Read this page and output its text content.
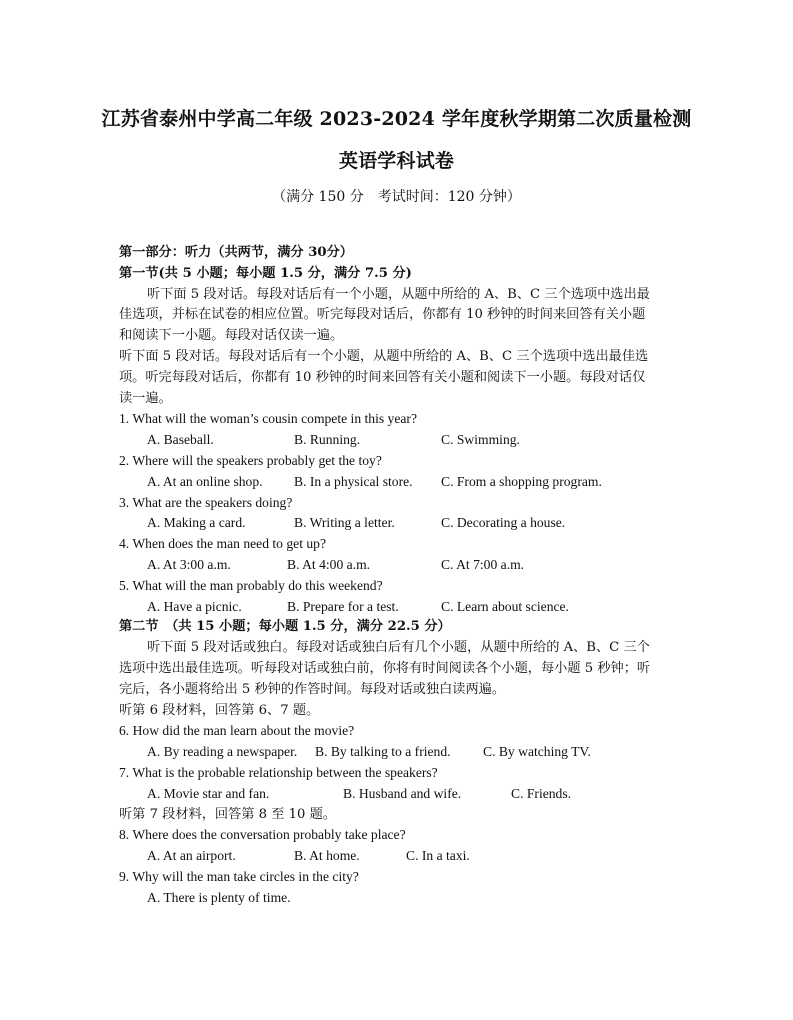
江苏省泰州中学高二年级 2023-2024 学年度秋学期第二次质量检测
英语学科试卷
（满分 150 分　考试时间：120 分钟）
第一部分：听力（共两节，满分 30分）
第一节(共 5 小题；每小题 1.5 分，满分 7.5 分)
听下面 5 段对话。每段对话后有一个小题，从题中所给的 A、B、C 三个选项中选出最
佳选项，并标在试卷的相应位置。听完每段对话后，你都有 10 秒钟的时间来回答有关小题
和阅读下一小题。每段对话仅读一遍。
听下面 5 段对话。每段对话后有一个小题，从题中所给的 A、B、C 三个选项中选出最佳选
项。听完每段对话后，你都有 10 秒钟的时间来回答有关小题和阅读下一小题。每段对话仅
读一遍。
1. What will the woman’s cousin compete in this year?
A. Baseball.	B. Running.	C. Swimming.
2. Where will the speakers probably get the toy?
A. At an online shop. B. In a physical store. C. From a shopping program.
3. What are the speakers doing?
A. Making a card.	B. Writing a letter.	C. Decorating a house.
4. When does the man need to get up?
A. At 3:00 a.m.	B. At 4:00 a.m.	C. At 7:00 a.m.
5. What will the man probably do this weekend?
A. Have a picnic.	B. Prepare for a test.	C. Learn about science.
第二节　（共 15 小题；每小题 1.5 分，满分 22.5 分）
听下面 5 段对话或独白。每段对话或独白后有几个小题，从题中所给的 A、B、C 三个
选项中选出最佳选项。听每段对话或独白前，你将有时间阅读各个小题，每小题 5 秒钟；听
完后，各小题将给出 5 秒钟的作答时间。每段对话或独白读两遍。
听第 6 段材料，回答第 6、7 题。
6. How did the man learn about the movie?
A. By reading a newspaper. B. By talking to a friend. C. By watching TV.
7. What is the probable relationship between the speakers?
A. Movie star and fan.	B. Husband and wife.	C. Friends.
听第 7 段材料，回答第 8 至 10 题。
8. Where does the conversation probably take place?
A. At an airport.	B. At home.	C. In a taxi.
9. Why will the man take circles in the city?
A. There is plenty of time.
